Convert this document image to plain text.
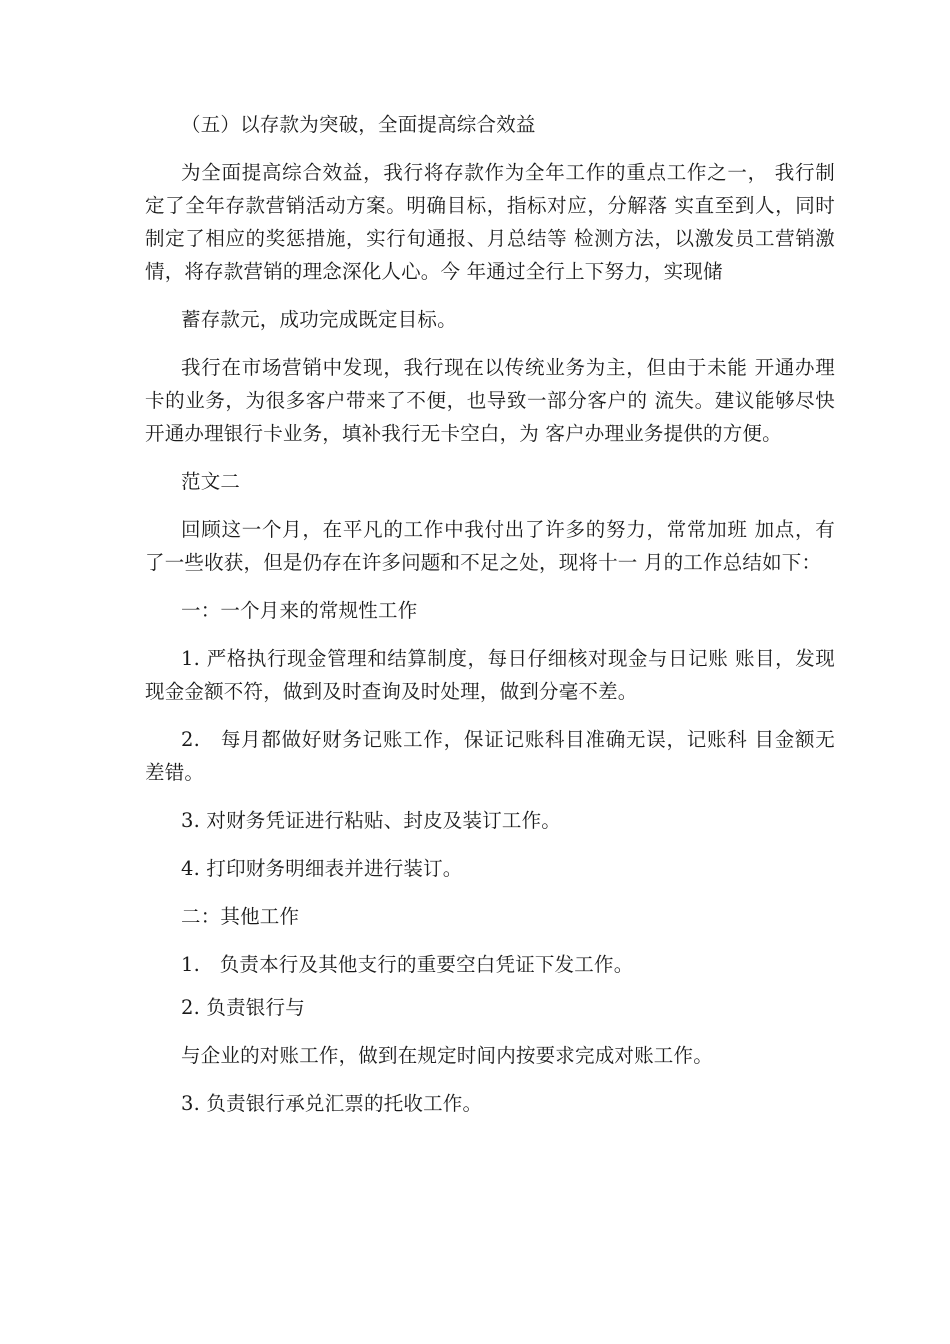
（五）以存款为突破，全面提高综合效益

为全面提高综合效益，我行将存款作为全年工作的重点工作之一， 我行制定了全年存款营销活动方案。明确目标，指标对应，分解落 实直至到人，同时制定了相应的奖惩措施，实行旬通报、月总结等 检测方法，以激发员工营销激情，将存款营销的理念深化人心。今 年通过全行上下努力，实现储

蓄存款元，成功完成既定目标。

我行在市场营销中发现，我行现在以传统业务为主，但由于未能 开通办理卡的业务，为很多客户带来了不便，也导致一部分客户的 流失。建议能够尽快开通办理银行卡业务，填补我行无卡空白，为 客户办理业务提供的方便。

范文二

回顾这一个月，在平凡的工作中我付出了许多的努力，常常加班 加点，有了一些收获，但是仍存在许多问题和不足之处，现将十一 月的工作总结如下：

一：一个月来的常规性工作

1. 严格执行现金管理和结算制度，每日仔细核对现金与日记账 账目，发现现金金额不符，做到及时查询及时处理，做到分毫不差。

2.　每月都做好财务记账工作，保证记账科目准确无误，记账科 目金额无差错。

3. 对财务凭证进行粘贴、封皮及装订工作。

4. 打印财务明细表并进行装订。

二：其他工作

1.　负责本行及其他支行的重要空白凭证下发工作。

2. 负责银行与

与企业的对账工作，做到在规定时间内按要求完成对账工作。

3. 负责银行承兑汇票的托收工作。
